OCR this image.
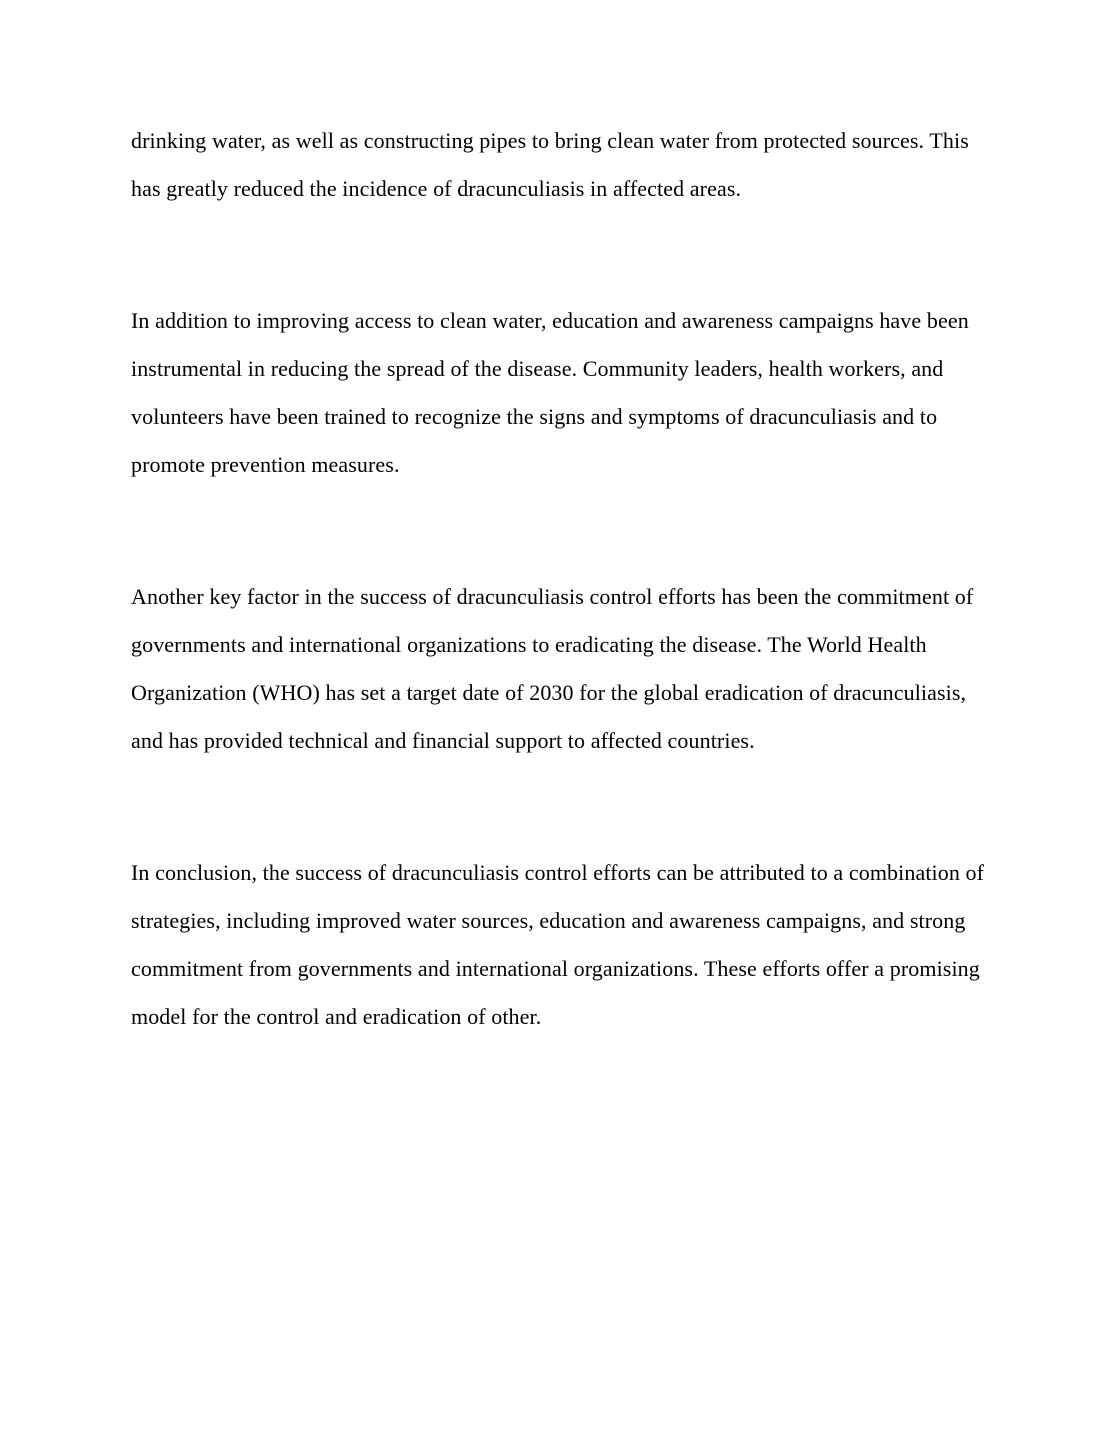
drinking water, as well as constructing pipes to bring clean water from protected sources. This
has greatly reduced the incidence of dracunculiasis in affected areas.

In addition to improving access to clean water, education and awareness campaigns have been
instrumental in reducing the spread of the disease. Community leaders, health workers, and
volunteers have been trained to recognize the signs and symptoms of dracunculiasis and to
promote prevention measures.

Another key factor in the success of dracunculiasis control efforts has been the commitment of
governments and international organizations to eradicating the disease. The World Health
Organization (WHO) has set a target date of 2030 for the global eradication of dracunculiasis,
and has provided technical and financial support to affected countries.

In conclusion, the success of dracunculiasis control efforts can be attributed to a combination of
strategies, including improved water sources, education and awareness campaigns, and strong
commitment from governments and international organizations. These efforts offer a promising
model for the control and eradication of other.
